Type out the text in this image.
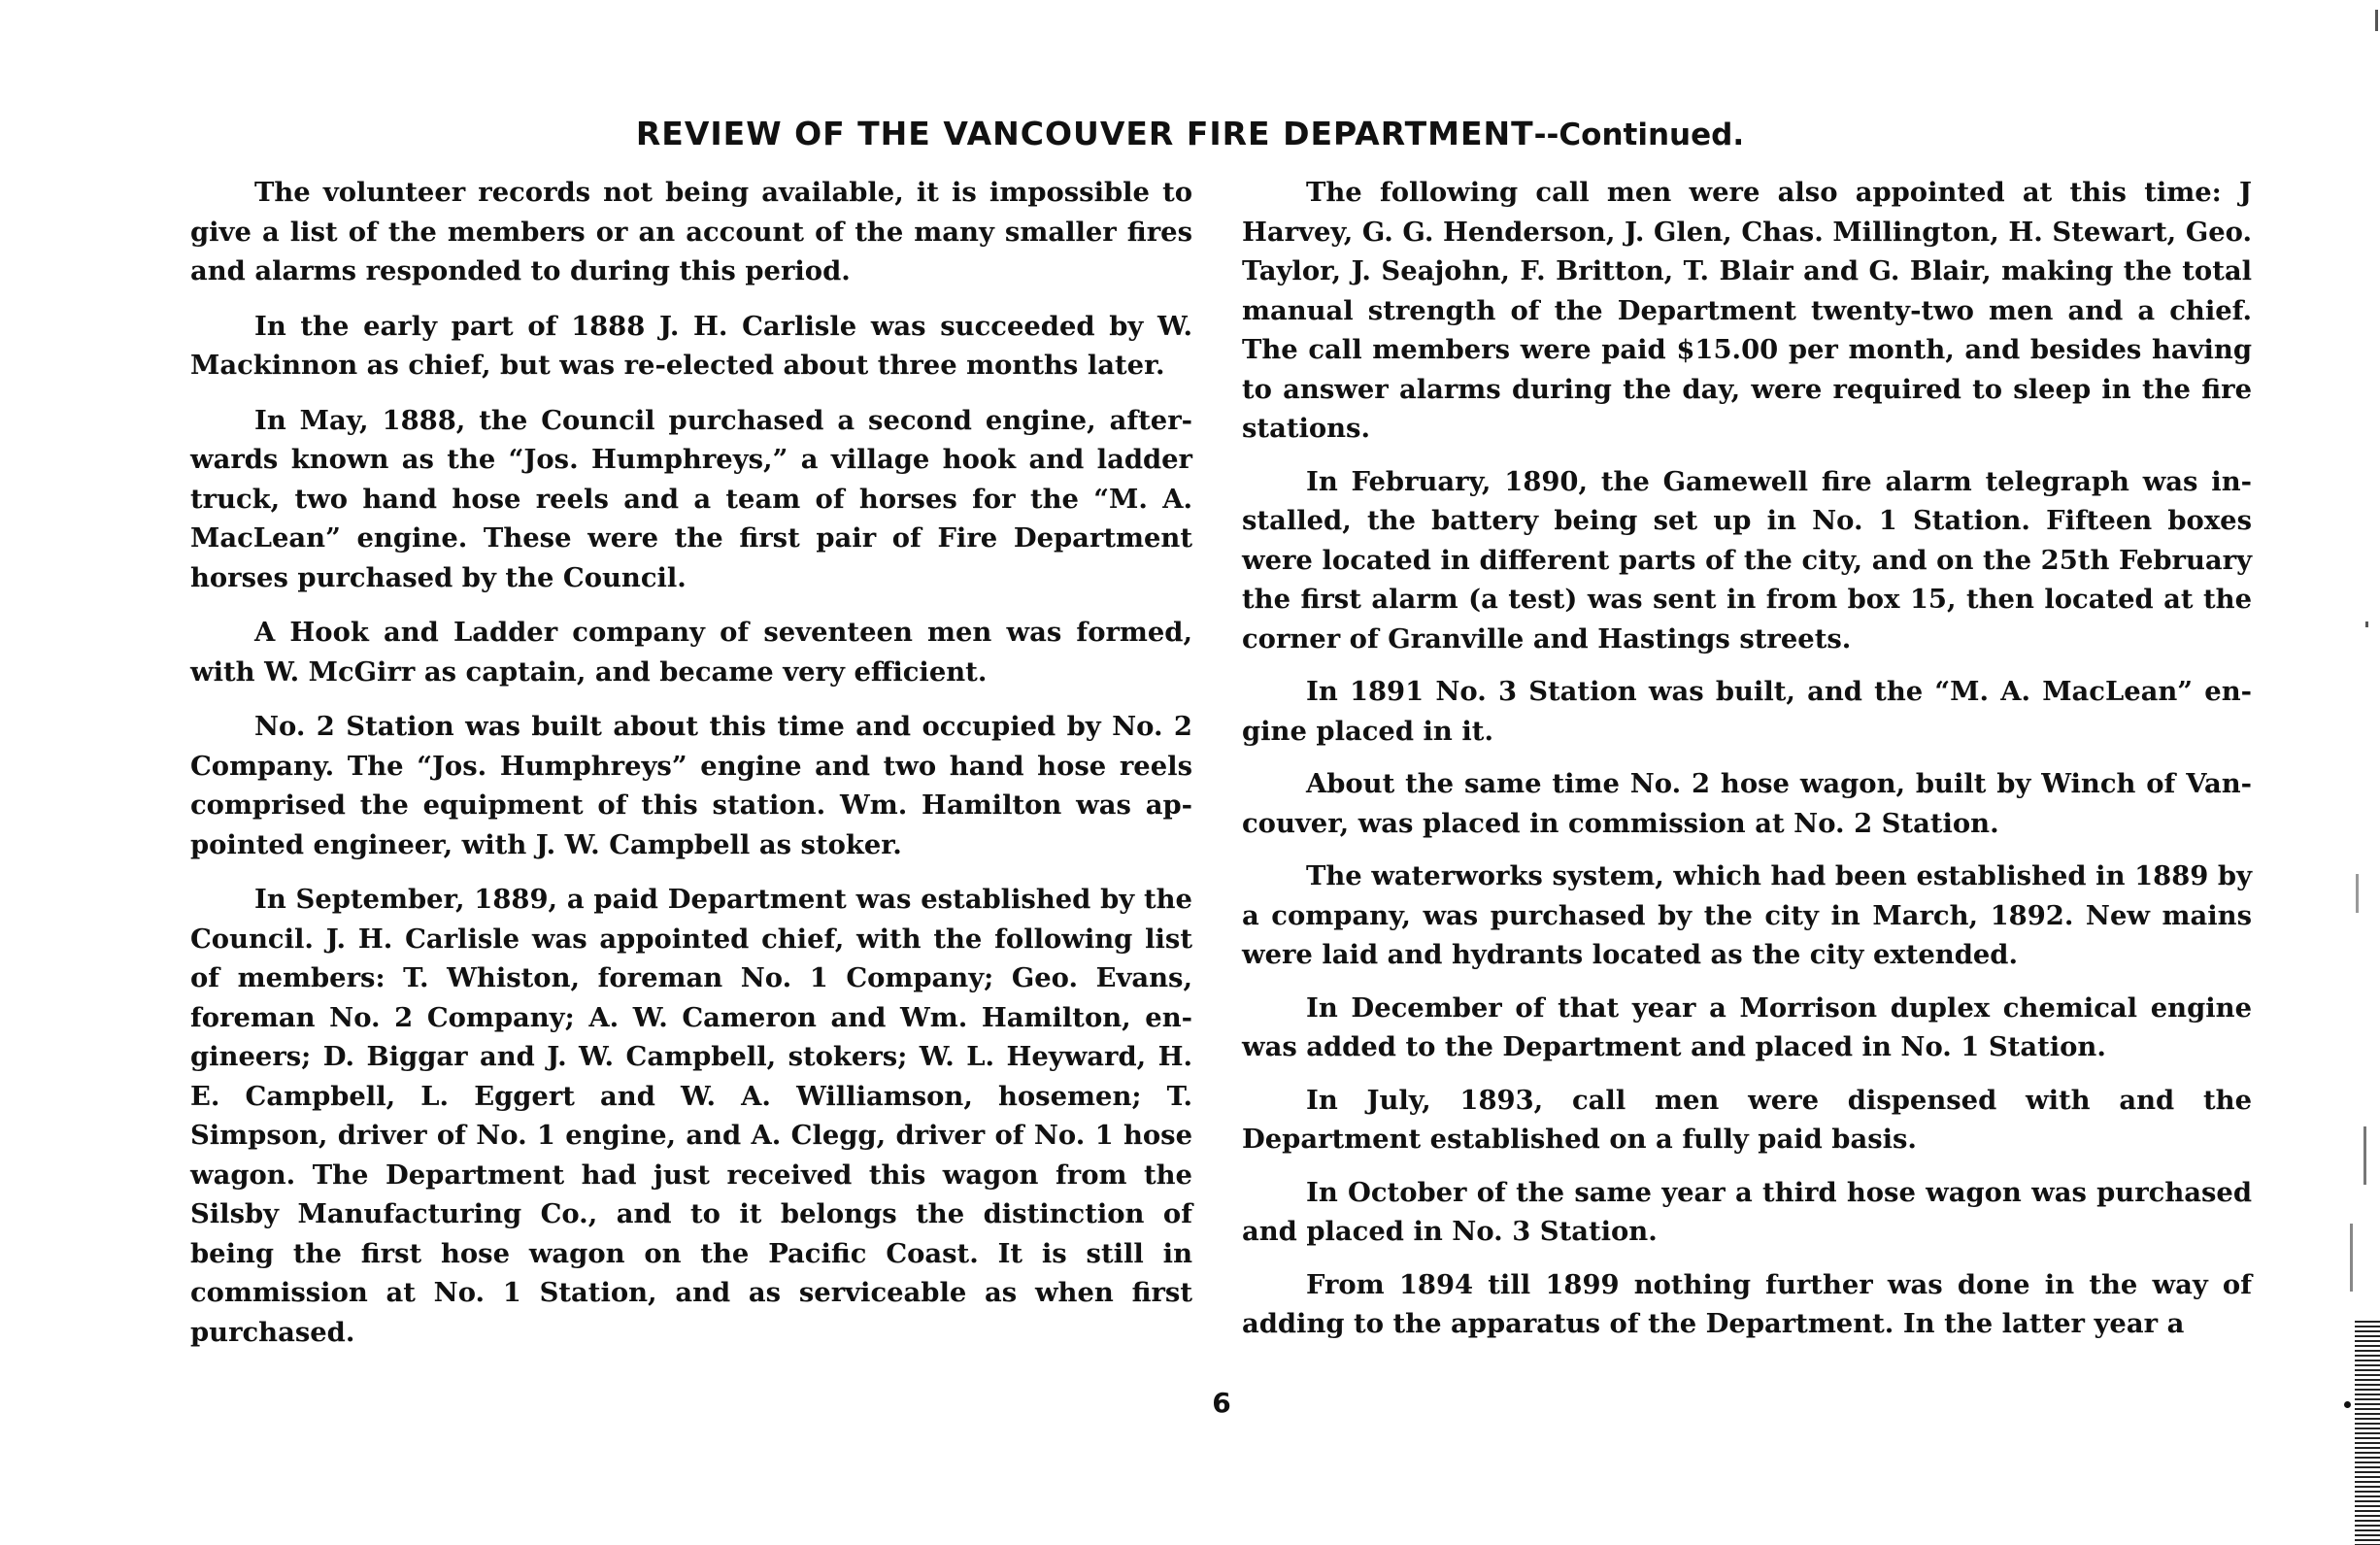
REVIEW OF THE VANCOUVER FIRE DEPARTMENT--Continued.

The volunteer records not being available, it is impossible to give a list of the members or an account of the many smaller fires and alarms responded to during this period.

In the early part of 1888 J. H. Carlisle was succeeded by W. Mackinnon as chief, but was re-elected about three months later.

In May, 1888, the Council purchased a second engine, afterwards known as the “Jos. Humphreys,” a village hook and ladder truck, two hand hose reels and a team of horses for the “M. A. MacLean” engine. These were the first pair of Fire Department horses purchased by the Council.

A Hook and Ladder company of seventeen men was formed, with W. McGirr as captain, and became very efficient.

No. 2 Station was built about this time and occupied by No. 2 Company. The “Jos. Humphreys” engine and two hand hose reels comprised the equipment of this station. Wm. Hamilton was appointed engineer, with J. W. Campbell as stoker.

In September, 1889, a paid Department was established by the Council. J. H. Carlisle was appointed chief, with the following list of members: T. Whiston, foreman No. 1 Company; Geo. Evans, foreman No. 2 Company; A. W. Cameron and Wm. Hamilton, engineers; D. Biggar and J. W. Campbell, stokers; W. L. Heyward, H. E. Campbell, L. Eggert and W. A. Williamson, hosemen; T. Simpson, driver of No. 1 engine, and A. Clegg, driver of No. 1 hose wagon. The Department had just received this wagon from the Silsby Manufacturing Co., and to it belongs the distinction of being the first hose wagon on the Pacific Coast. It is still in commission at No. 1 Station, and as serviceable as when first purchased.

The following call men were also appointed at this time: J Harvey, G. G. Henderson, J. Glen, Chas. Millington, H. Stewart, Geo. Taylor, J. Seajohn, F. Britton, T. Blair and G. Blair, making the total manual strength of the Department twenty-two men and a chief. The call members were paid $15.00 per month, and besides having to answer alarms during the day, were required to sleep in the fire stations.

In February, 1890, the Gamewell fire alarm telegraph was installed, the battery being set up in No. 1 Station. Fifteen boxes were located in different parts of the city, and on the 25th February the first alarm (a test) was sent in from box 15, then located at the corner of Granville and Hastings streets.

In 1891 No. 3 Station was built, and the “M. A. MacLean” engine placed in it.

About the same time No. 2 hose wagon, built by Winch of Vancouver, was placed in commission at No. 2 Station.

The waterworks system, which had been established in 1889 by a company, was purchased by the city in March, 1892. New mains were laid and hydrants located as the city extended.

In December of that year a Morrison duplex chemical engine was added to the Department and placed in No. 1 Station.

In July, 1893, call men were dispensed with and the Department established on a fully paid basis.

In October of the same year a third hose wagon was purchased and placed in No. 3 Station.

From 1894 till 1899 nothing further was done in the way of adding to the apparatus of the Department. In the latter year a

6
